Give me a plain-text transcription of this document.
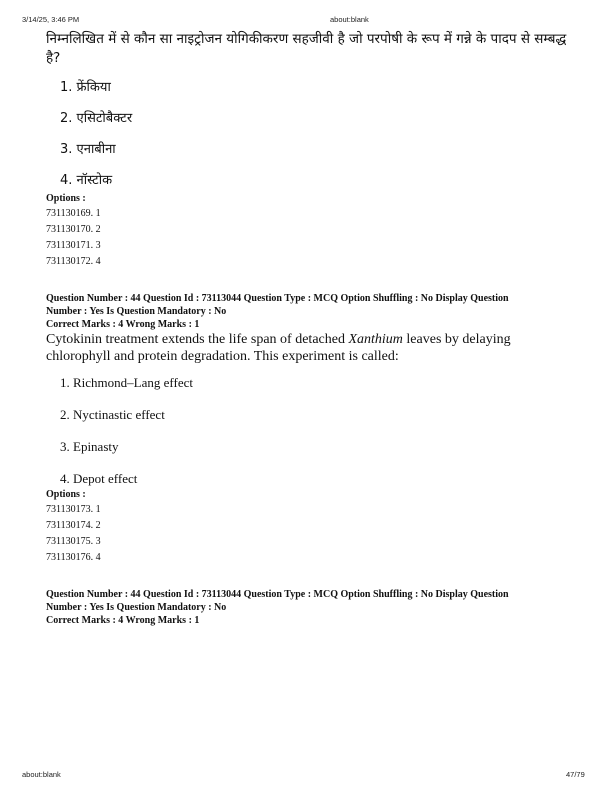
3/14/25, 3:46 PM	about:blank

निम्नलिखित में से कौन सा नाइट्रोजन योगिकीकरण सहजीवी है जो परपोषी के रूप में गन्ने के पादप से सम्बद्ध है?

1. फ्रेंकिया

2. एसिटोबैक्टर

3. एनाबीना

4. नॉस्टोक

Options :

731130169. 1

731130170. 2

731130171. 3

731130172. 4

Question Number : 44 Question Id : 73113044 Question Type : MCQ Option Shuffling : No Display Question

Number : Yes Is Question Mandatory : No

Correct Marks : 4 Wrong Marks : 1

Cytokinin treatment extends the life span of detached Xanthium leaves by delaying chlorophyll and protein degradation. This experiment is called:

1. Richmond–Lang effect

2. Nyctinastic effect

3. Epinasty

4. Depot effect

Options :

731130173. 1

731130174. 2

731130175. 3

731130176. 4

Question Number : 44 Question Id : 73113044 Question Type : MCQ Option Shuffling : No Display Question

Number : Yes Is Question Mandatory : No

Correct Marks : 4 Wrong Marks : 1

about:blank	47/79
